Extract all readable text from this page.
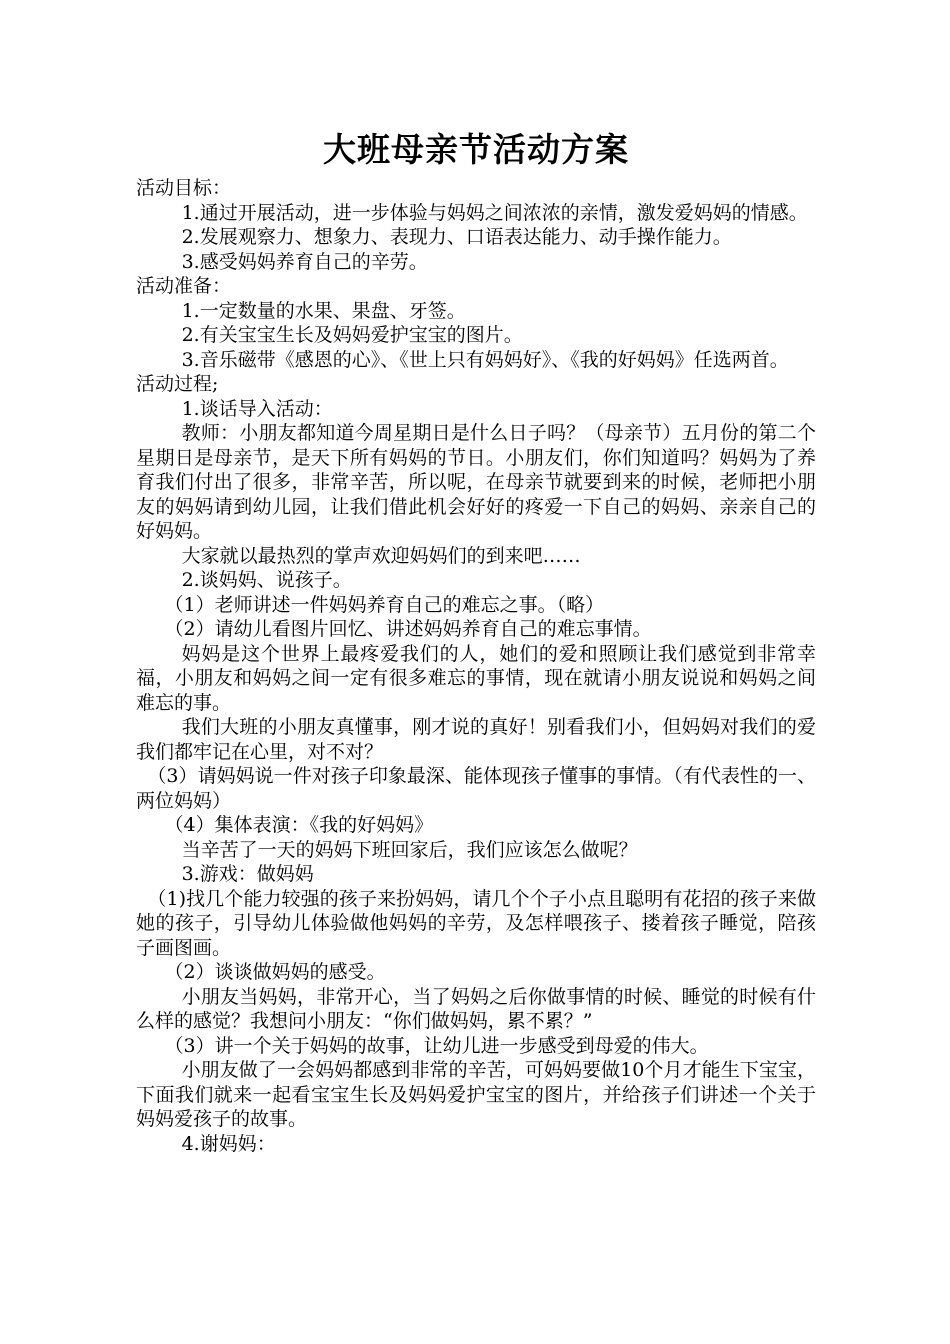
大班母亲节活动方案

活动目标：

1.通过开展活动，进一步体验与妈妈之间浓浓的亲情，激发爱妈妈的情感。

2.发展观察力、想象力、表现力、口语表达能力、动手操作能力。

3.感受妈妈养育自己的辛劳。

活动准备：

1.一定数量的水果、果盘、牙签。

2.有关宝宝生长及妈妈爱护宝宝的图片。

3.音乐磁带《感恩的心》、《世上只有妈妈好》、《我的好妈妈》任选两首。

活动过程;

1.谈话导入活动：

教师：小朋友都知道今周星期日是什么日子吗？（母亲节）五月份的第二个星期日是母亲节，是天下所有妈妈的节日。小朋友们，你们知道吗？妈妈为了养育我们付出了很多，非常辛苦，所以呢，在母亲节就要到来的时候，老师把小朋友的妈妈请到幼儿园，让我们借此机会好好的疼爱一下自己的妈妈、亲亲自己的好妈妈。

大家就以最热烈的掌声欢迎妈妈们的到来吧……

2.谈妈妈、说孩子。

（1）老师讲述一件妈妈养育自己的难忘之事。（略）

（2）请幼儿看图片回忆、讲述妈妈养育自己的难忘事情。

妈妈是这个世界上最疼爱我们的人，她们的爱和照顾让我们感觉到非常幸福，小朋友和妈妈之间一定有很多难忘的事情，现在就请小朋友说说和妈妈之间难忘的事。

我们大班的小朋友真懂事，刚才说的真好！别看我们小，但妈妈对我们的爱我们都牢记在心里，对不对？

（3）请妈妈说一件对孩子印象最深、能体现孩子懂事的事情。（有代表性的一、两位妈妈）

（4）集体表演：《我的好妈妈》

当辛苦了一天的妈妈下班回家后，我们应该怎么做呢？

3.游戏：做妈妈

（1)找几个能力较强的孩子来扮妈妈，请几个个子小点且聪明有花招的孩子来做她的孩子，引导幼儿体验做他妈妈的辛劳，及怎样喂孩子、搂着孩子睡觉，陪孩子画图画。

（2）谈谈做妈妈的感受。

小朋友当妈妈，非常开心，当了妈妈之后你做事情的时候、睡觉的时候有什么样的感觉？我想问小朋友：“你们做妈妈，累不累？”

（3）讲一个关于妈妈的故事，让幼儿进一步感受到母爱的伟大。

小朋友做了一会妈妈都感到非常的辛苦，可妈妈要做10个月才能生下宝宝，下面我们就来一起看宝宝生长及妈妈爱护宝宝的图片，并给孩子们讲述一个关于妈妈爱孩子的故事。

4.谢妈妈：
